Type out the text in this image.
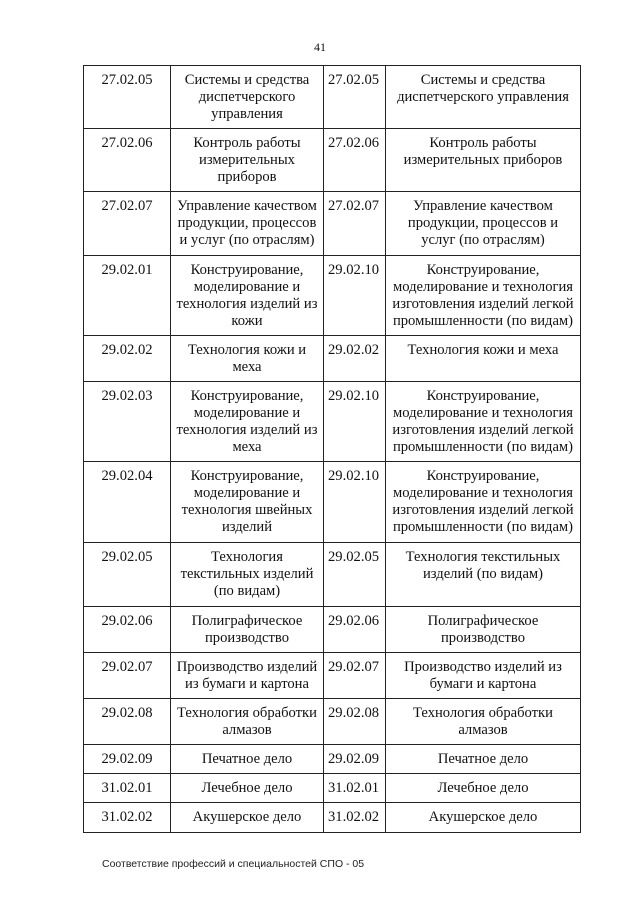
41
27.02.05	Системы и средства диспетчерского управления	27.02.05	Системы и средства диспетчерского управления
27.02.06	Контроль работы измерительных приборов	27.02.06	Контроль работы измерительных приборов
27.02.07	Управление качеством продукции, процессов и услуг (по отраслям)	27.02.07	Управление качеством продукции, процессов и услуг (по отраслям)
29.02.01	Конструирование, моделирование и технология изделий из кожи	29.02.10	Конструирование, моделирование и технология изготовления изделий легкой промышленности (по видам)
29.02.02	Технология кожи и меха	29.02.02	Технология кожи и меха
29.02.03	Конструирование, моделирование и технология изделий из меха	29.02.10	Конструирование, моделирование и технология изготовления изделий легкой промышленности (по видам)
29.02.04	Конструирование, моделирование и технология швейных изделий	29.02.10	Конструирование, моделирование и технология изготовления изделий легкой промышленности (по видам)
29.02.05	Технология текстильных изделий (по видам)	29.02.05	Технология текстильных изделий (по видам)
29.02.06	Полиграфическое производство	29.02.06	Полиграфическое производство
29.02.07	Производство изделий из бумаги и картона	29.02.07	Производство изделий из бумаги и картона
29.02.08	Технология обработки алмазов	29.02.08	Технология обработки алмазов
29.02.09	Печатное дело	29.02.09	Печатное дело
31.02.01	Лечебное дело	31.02.01	Лечебное дело
31.02.02	Акушерское дело	31.02.02	Акушерское дело
Соответствие профессий и специальностей СПО - 05
